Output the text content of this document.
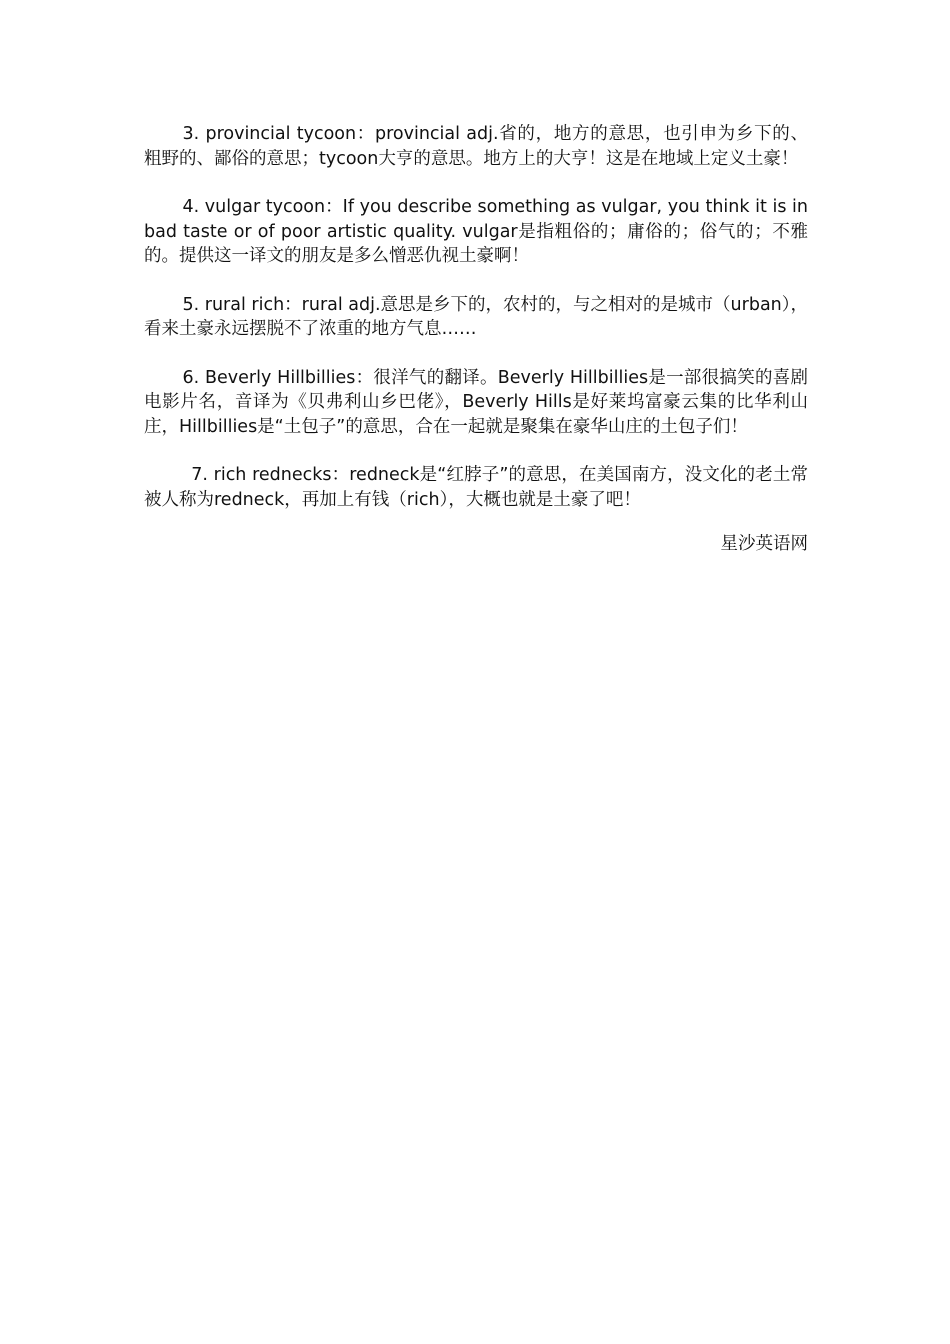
3. provincial tycoon：provincial adj.省的，地方的意思，也引申为乡下的、粗野的、鄙俗的意思；tycoon大亨的意思。地方上的大亨！这是在地域上定义土豪！

4. vulgar tycoon：If you describe something as vulgar, you think it is in bad taste or of poor artistic quality. vulgar是指粗俗的；庸俗的；俗气的；不雅的。提供这一译文的朋友是多么憎恶仇视土豪啊！

5. rural rich：rural adj.意思是乡下的，农村的，与之相对的是城市（urban），看来土豪永远摆脱不了浓重的地方气息……

6. Beverly Hillbillies：很洋气的翻译。Beverly Hillbillies是一部很搞笑的喜剧电影片名，音译为《贝弗利山乡巴佬》，Beverly Hills是好莱坞富豪云集的比华利山庄，Hillbillies是“土包子”的意思，合在一起就是聚集在豪华山庄的土包子们！

7. rich rednecks：redneck是“红脖子”的意思，在美国南方，没文化的老土常被人称为redneck，再加上有钱（rich），大概也就是土豪了吧！

星沙英语网
